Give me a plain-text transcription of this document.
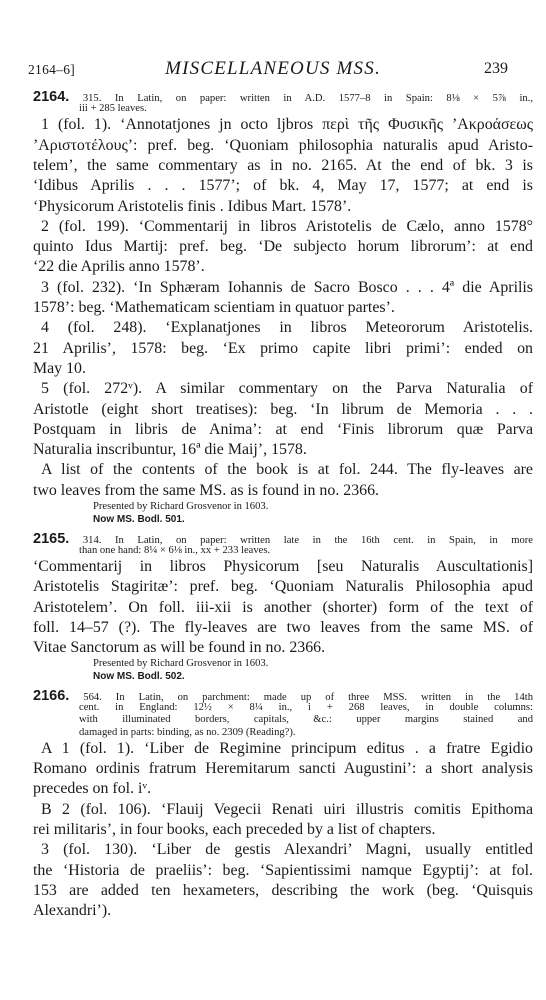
2164–6]	MISCELLANEOUS MSS.	239
2164. 315. In Latin, on paper: written in A.D. 1577–8 in Spain: 8⅛ × 5⅞ in.,
iii + 285 leaves.
1 (fol. 1). ‘Annotatjones jn octo ljbros περὶ τῆς Φυσικῆς ’Ακροάσεως
’Αριστοτέλους’: pref. beg. ‘Quoniam philosophia naturalis apud Aristo-
telem’, the same commentary as in no. 2165. At the end of bk. 3 is
‘Idibus Aprilis . . . 1577’; of bk. 4, May 17, 1577; at end is
‘Physicorum Aristotelis finis . Idibus Mart. 1578’.
2 (fol. 199). ‘Commentarij in libros Aristotelis de Cælo, anno 1578°
quinto Idus Martij: pref. beg. ‘De subjecto horum librorum’: at end
‘22 die Aprilis anno 1578’.
3 (fol. 232). ‘In Sphæram Iohannis de Sacro Bosco . . . 4ª die Aprilis
1578’: beg. ‘Mathematicam scientiam in quatuor partes’.
4 (fol. 248). ‘Explanatjones in libros Meteororum Aristotelis.
21 Aprilis’, 1578: beg. ‘Ex primo capite libri primi’: ended on
May 10.
5 (fol. 272ᵛ). A similar commentary on the Parva Naturalia of
Aristotle (eight short treatises): beg. ‘In librum de Memoria . . .
Postquam in libris de Anima’: at end ‘Finis librorum quæ Parva
Naturalia inscribuntur, 16ª die Maij’, 1578.
A list of the contents of the book is at fol. 244. The fly-leaves are
two leaves from the same MS. as is found in no. 2366.
Presented by Richard Grosvenor in 1603.
Now MS. Bodl. 501.
2165. 314. In Latin, on paper: written late in the 16th cent. in Spain, in more
than one hand: 8¼ × 6⅛ in., xx + 233 leaves.
‘Commentarij in libros Physicorum [seu Naturalis Auscultationis]
Aristotelis Stagiritæ’: pref. beg. ‘Quoniam Naturalis Philosophia apud
Aristotelem’. On foll. iii-xii is another (shorter) form of the text of
foll. 14–57 (?). The fly-leaves are two leaves from the same MS. of
Vitae Sanctorum as will be found in no. 2366.
Presented by Richard Grosvenor in 1603.
Now MS. Bodl. 502.
2166. 564. In Latin, on parchment: made up of three MSS. written in the 14th
cent. in England: 12½ × 8¼ in., i + 268 leaves, in double columns:
with illuminated borders, capitals, &c.: upper margins stained and
damaged in parts: binding, as no. 2309 (Reading?).
A 1 (fol. 1). ‘Liber de Regimine principum editus . a fratre Egidio
Romano ordinis fratrum Heremitarum sancti Augustini’: a short analysis
precedes on fol. iᵛ.
B 2 (fol. 106). ‘Flauij Vegecii Renati uiri illustris comitis Epithoma
rei militaris’, in four books, each preceded by a list of chapters.
3 (fol. 130). ‘Liber de gestis Alexandri’ Magni, usually entitled
the ‘Historia de praeliis’: beg. ‘Sapientissimi namque Egyptij’: at fol.
153 are added ten hexameters, describing the work (beg. ‘Quisquis
Alexandri’).
